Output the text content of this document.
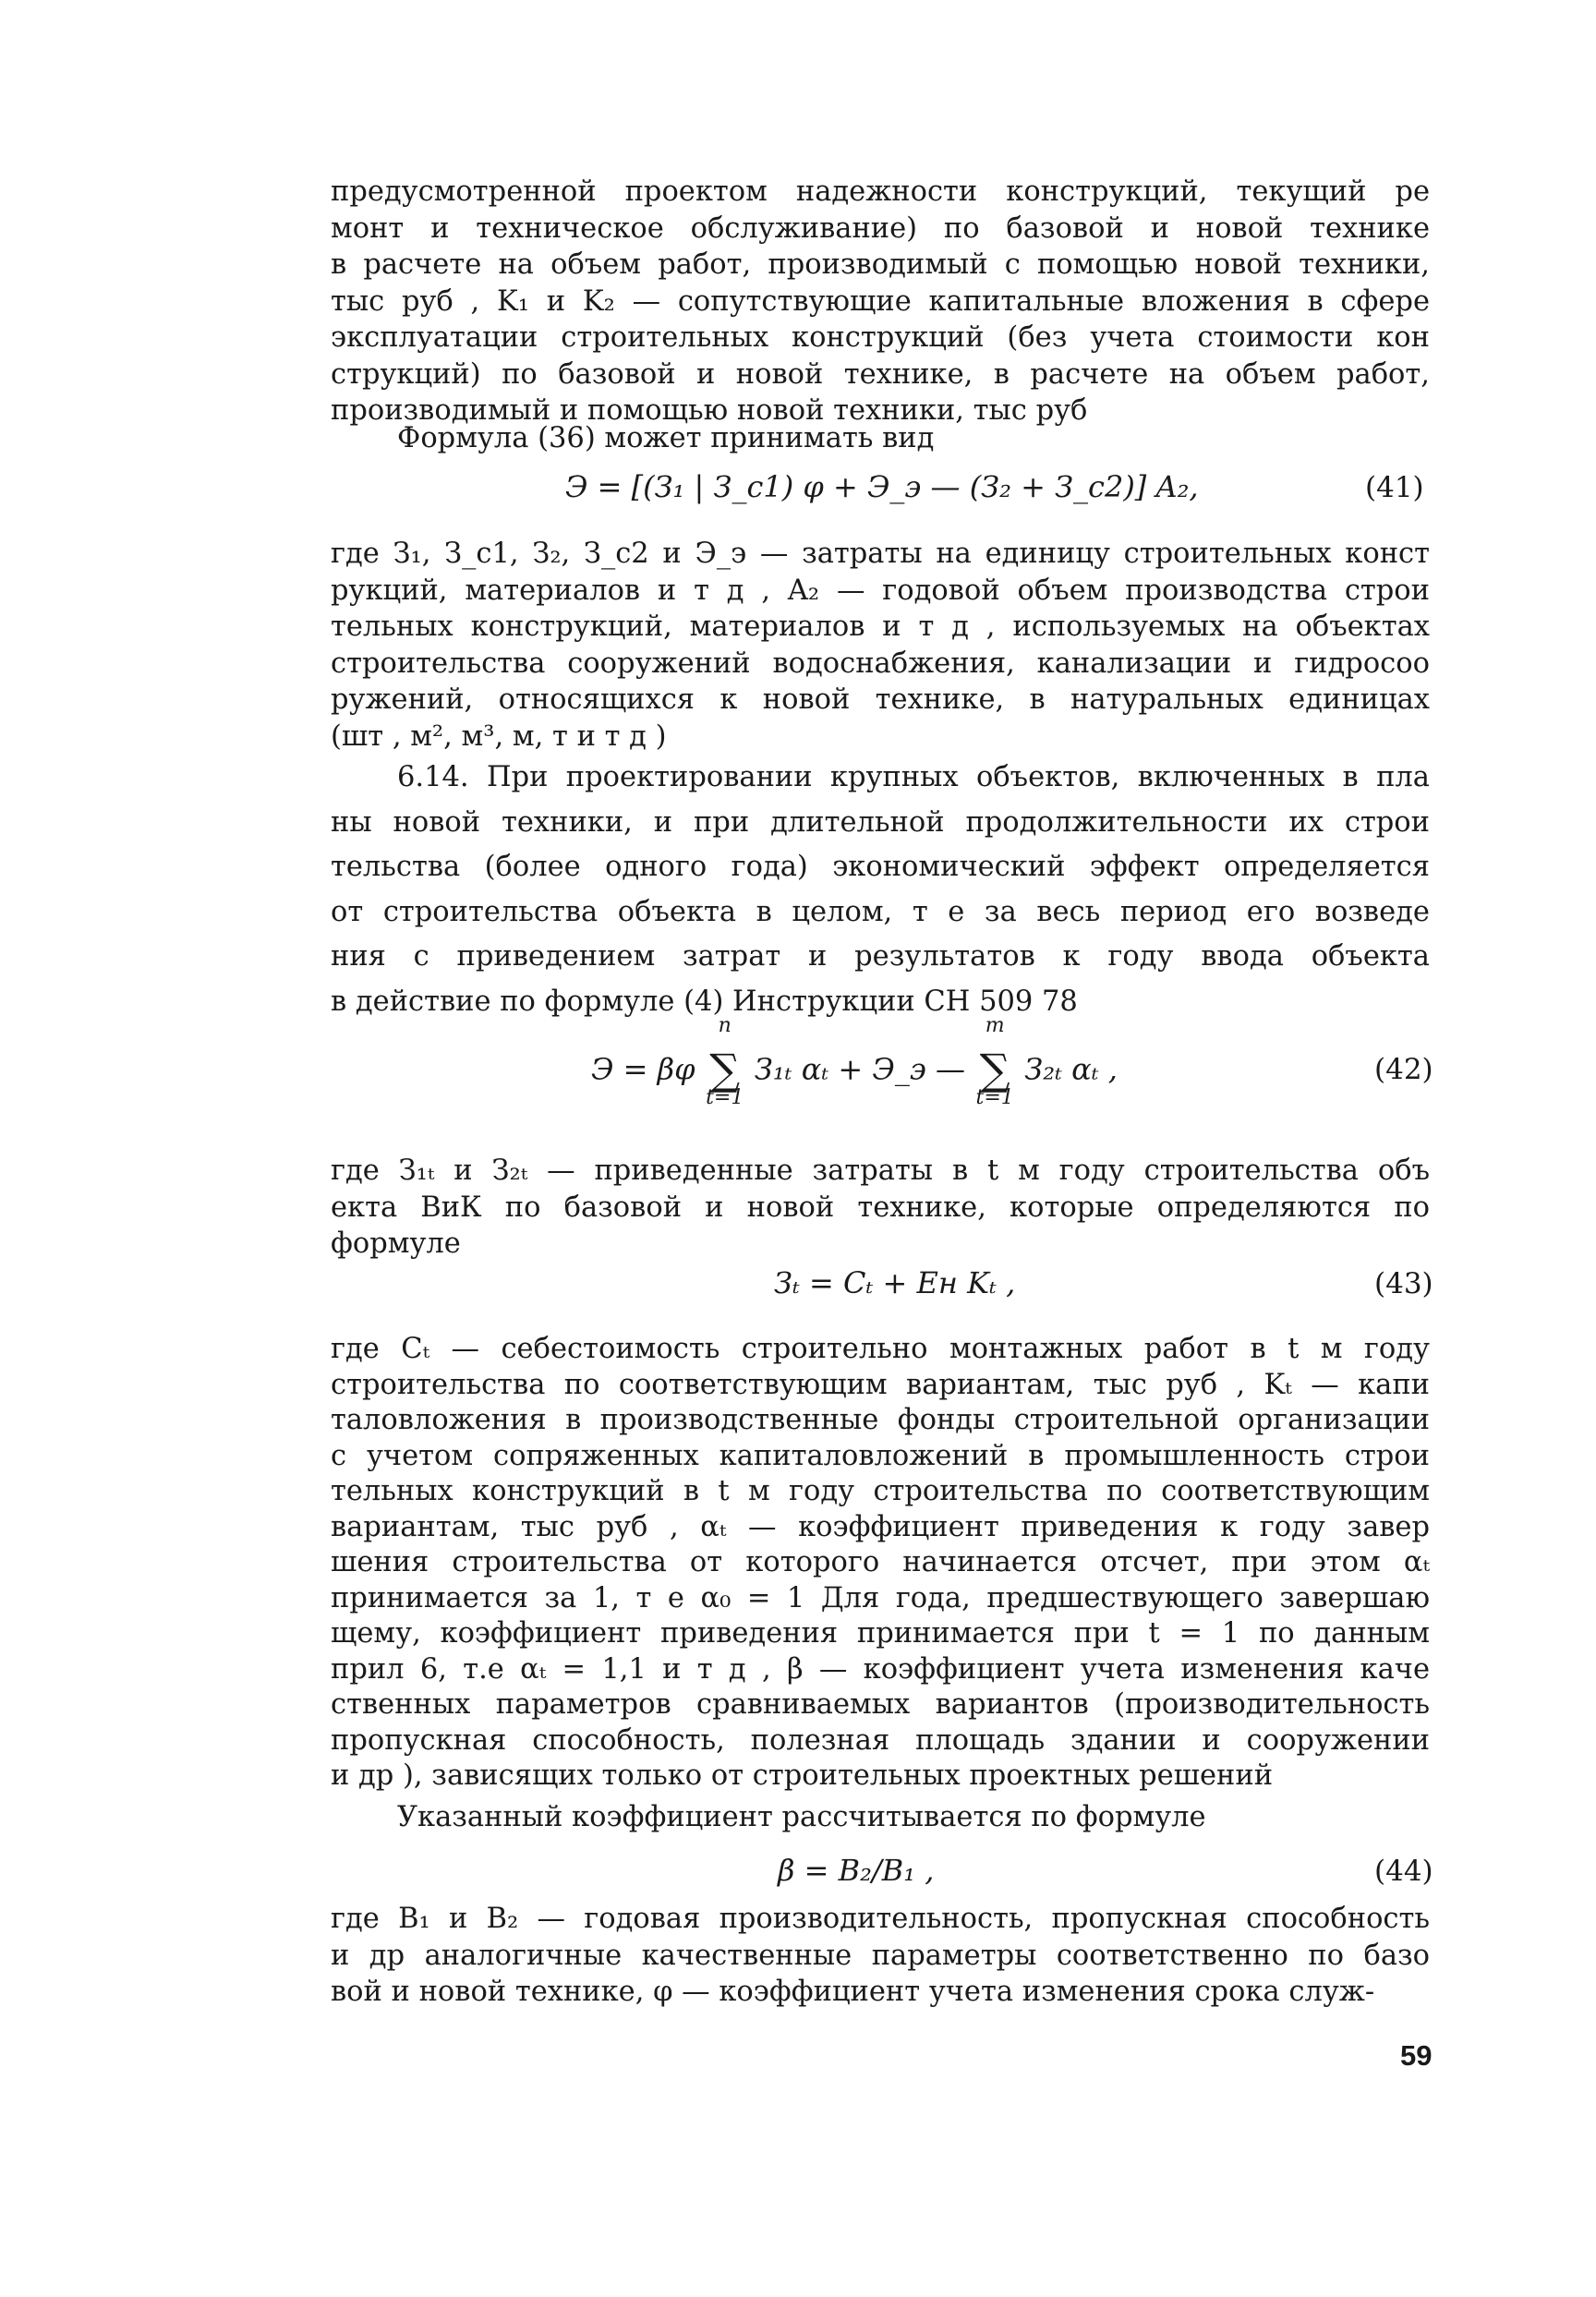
предусмотренной проектом надежности конструкций, текущий ре
монт и техническое обслуживание) по базовой и новой технике
в расчете на объем работ, производимый с помощью новой техники,
тыс руб , K₁ и K₂ — сопутствующие капитальные вложения в сфере
эксплуатации строительных конструкций (без учета стоимости кон
струкций) по базовой и новой технике, в расчете на объем работ,
производимый и помощью новой техники, тыс руб

Формула (36) может принимать вид

Э = [(З₁ | З_c1) φ + Э_э — (З₂ + З_c2)] A₂,	(41)

где З₁, З_c1, З₂, З_c2 и Э_э — затраты на единицу строительных конст
рукций, материалов и т д , A₂ — годовой объем производства строи
тельных конструкций, материалов и т д , используемых на объектах
строительства сооружений водоснабжения, канализации и гидросоо
ружений, относящихся к новой технике, в натуральных единицах
(шт , м², м³, м, т и т д )

6.14. При проектировании крупных объектов, включенных в пла
ны новой техники, и при длительной продолжительности их строи
тельства (более одного года) экономический эффект определяется
от строительства объекта в целом, т е за весь период его возведе
ния с приведением затрат и результатов к году ввода объекта
в действие по формуле (4) Инструкции СН 509 78

Э = βφ
n
∑
t=1
З₁ₜ αₜ + Э_э —
m
∑
t=1
З₂ₜ αₜ ,	(42)

где З₁ₜ и З₂ₜ — приведенные затраты в t м году строительства объ
екта ВиК по базовой и новой технике, которые определяются по
формуле

Зₜ = Cₜ + Eн Kₜ ,	(43)

где Cₜ — себестоимость строительно монтажных работ в t м году
строительства по соответствующим вариантам, тыс руб , Kₜ — капи
таловложения в производственные фонды строительной организации
с учетом сопряженных капиталовложений в промышленность строи
тельных конструкций в t м году строительства по соответствующим
вариантам, тыс руб , αₜ — коэффициент приведения к году завер
шения строительства от которого начинается отсчет, при этом αₜ
принимается за 1, т е α₀ = 1 Для года, предшествующего завершаю
щему, коэффициент приведения принимается при t = 1 по данным
прил 6, т.е αₜ = 1,1 и т д , β — коэффициент учета изменения каче
ственных параметров сравниваемых вариантов (производительность
пропускная способность, полезная площадь здании и сооружении
и др ), зависящих только от строительных проектных решений

Указанный коэффициент рассчитывается по формуле

β = B₂/B₁ ,	(44)

где B₁ и B₂ — годовая производительность, пропускная способность
и др аналогичные качественные параметры соответственно по базо
вой и новой технике, φ — коэффициент учета изменения срока служ-

59
